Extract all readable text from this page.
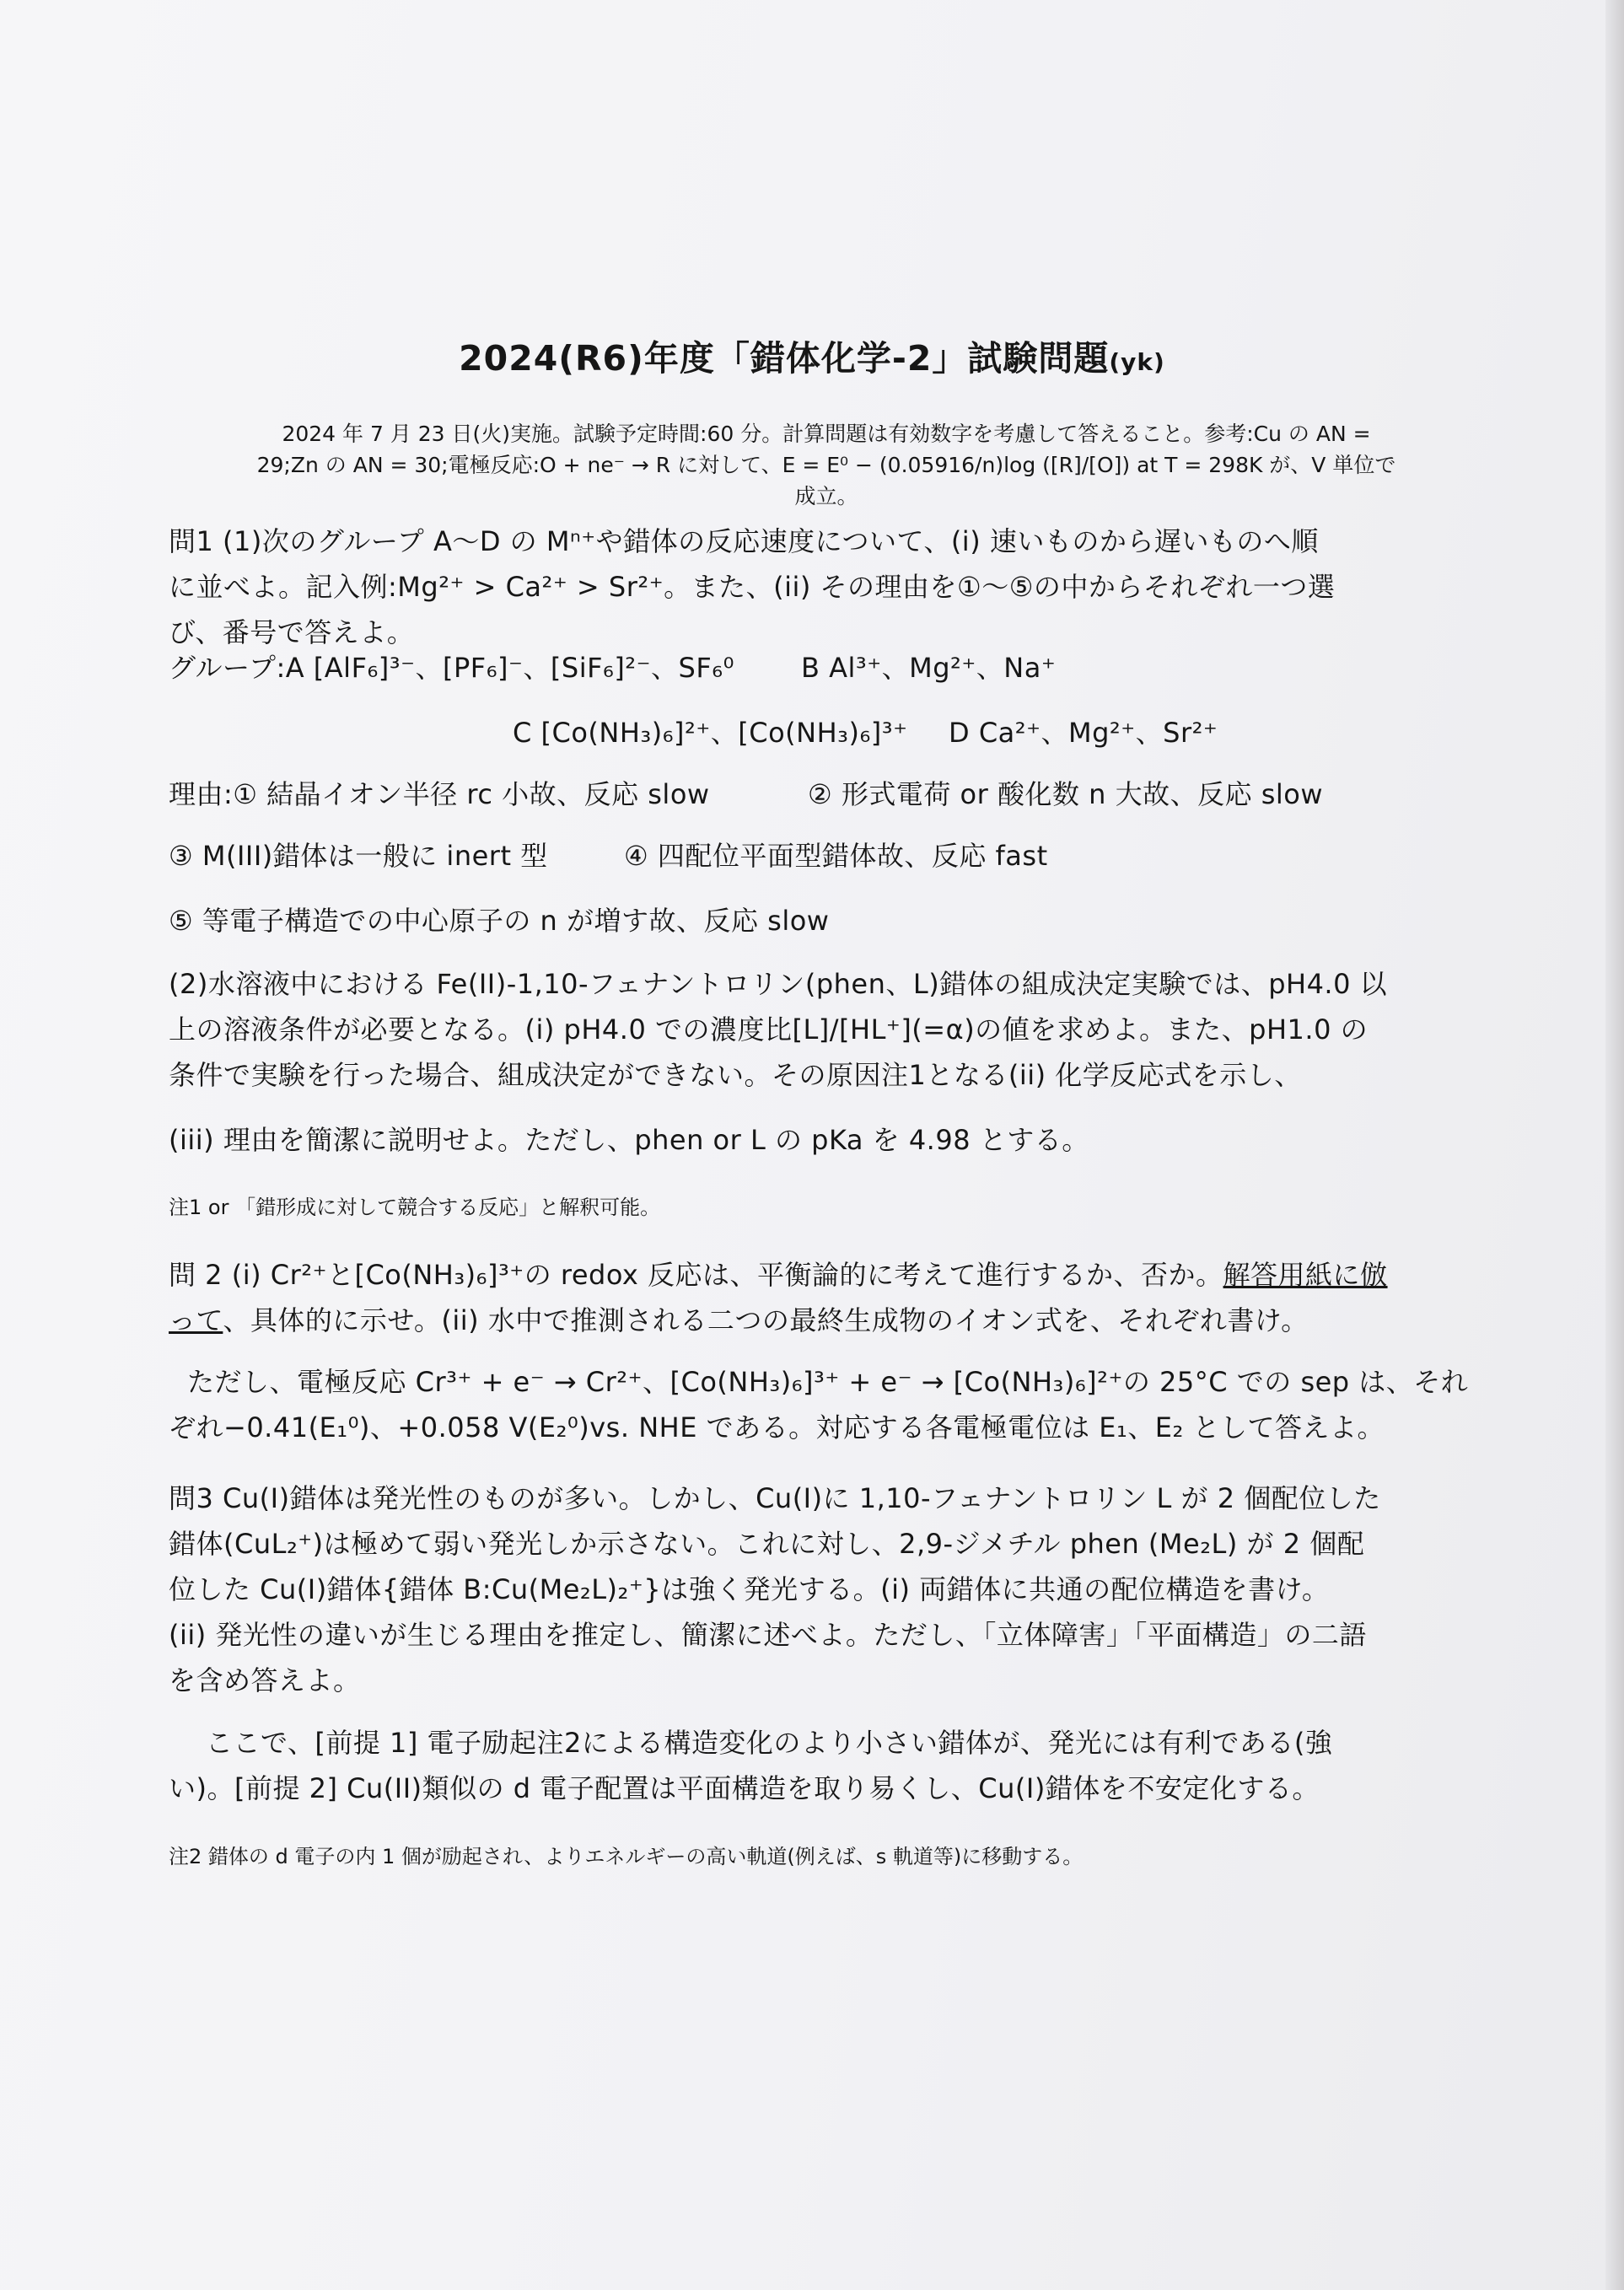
2024(R6)年度「錯体化学-2」試験問題(yk)
2024 年 7 月 23 日(火)実施。試験予定時間:60 分。計算問題は有効数字を考慮して答えること。参考:Cu の AN =
29;Zn の AN = 30;電極反応:O + ne⁻ → R に対して、E = E⁰ − (0.05916/n)log ([R]/[O]) at T = 298K が、V 単位で
成立。
問1 (1)次のグループ A〜D の Mⁿ⁺や錯体の反応速度について、(i) 速いものから遅いものへ順
に並べよ。記入例:Mg²⁺ > Ca²⁺ > Sr²⁺。また、(ii) その理由を①〜⑤の中からそれぞれ一つ選
び、番号で答えよ。
グループ:A [AlF₆]³⁻、[PF₆]⁻、[SiF₆]²⁻、SF₆⁰ B Al³⁺、Mg²⁺、Na⁺
C [Co(NH₃)₆]²⁺、[Co(NH₃)₆]³⁺ D Ca²⁺、Mg²⁺、Sr²⁺
理由:① 結晶イオン半径 rc 小故、反応 slow	② 形式電荷 or 酸化数 n 大故、反応 slow
③ M(III)錯体は一般に inert 型	④ 四配位平面型錯体故、反応 fast
⑤ 等電子構造での中心原子の n が増す故、反応 slow
(2)水溶液中における Fe(II)-1,10-フェナントロリン(phen、L)錯体の組成決定実験では、pH4.0 以
上の溶液条件が必要となる。(i) pH4.0 での濃度比[L]/[HL⁺](=α)の値を求めよ。また、pH1.0 の
条件で実験を行った場合、組成決定ができない。その原因注1となる(ii) 化学反応式を示し、
(iii) 理由を簡潔に説明せよ。ただし、phen or L の pKa を 4.98 とする。
注1 or 「錯形成に対して競合する反応」と解釈可能。
問 2 (i) Cr²⁺と[Co(NH₃)₆]³⁺の redox 反応は、平衡論的に考えて進行するか、否か。解答用紙に倣
って、具体的に示せ。(ii) 水中で推測される二つの最終生成物のイオン式を、それぞれ書け。
ただし、電極反応 Cr³⁺ + e⁻ → Cr²⁺、[Co(NH₃)₆]³⁺ + e⁻ → [Co(NH₃)₆]²⁺の 25°C での sep は、それ
ぞれ−0.41(E₁⁰)、+0.058 V(E₂⁰)vs. NHE である。対応する各電極電位は E₁、E₂ として答えよ。
問3 Cu(I)錯体は発光性のものが多い。しかし、Cu(I)に 1,10-フェナントロリン L が 2 個配位した
錯体(CuL₂⁺)は極めて弱い発光しか示さない。これに対し、2,9-ジメチル phen (Me₂L) が 2 個配
位した Cu(I)錯体{錯体 B:Cu(Me₂L)₂⁺}は強く発光する。(i) 両錯体に共通の配位構造を書け。
(ii) 発光性の違いが生じる理由を推定し、簡潔に述べよ。ただし、「立体障害」「平面構造」の二語
を含め答えよ。
ここで、[前提 1] 電子励起注2による構造変化のより小さい錯体が、発光には有利である(強
い)。[前提 2] Cu(II)類似の d 電子配置は平面構造を取り易くし、Cu(I)錯体を不安定化する。
注2 錯体の d 電子の内 1 個が励起され、よりエネルギーの高い軌道(例えば、s 軌道等)に移動する。
